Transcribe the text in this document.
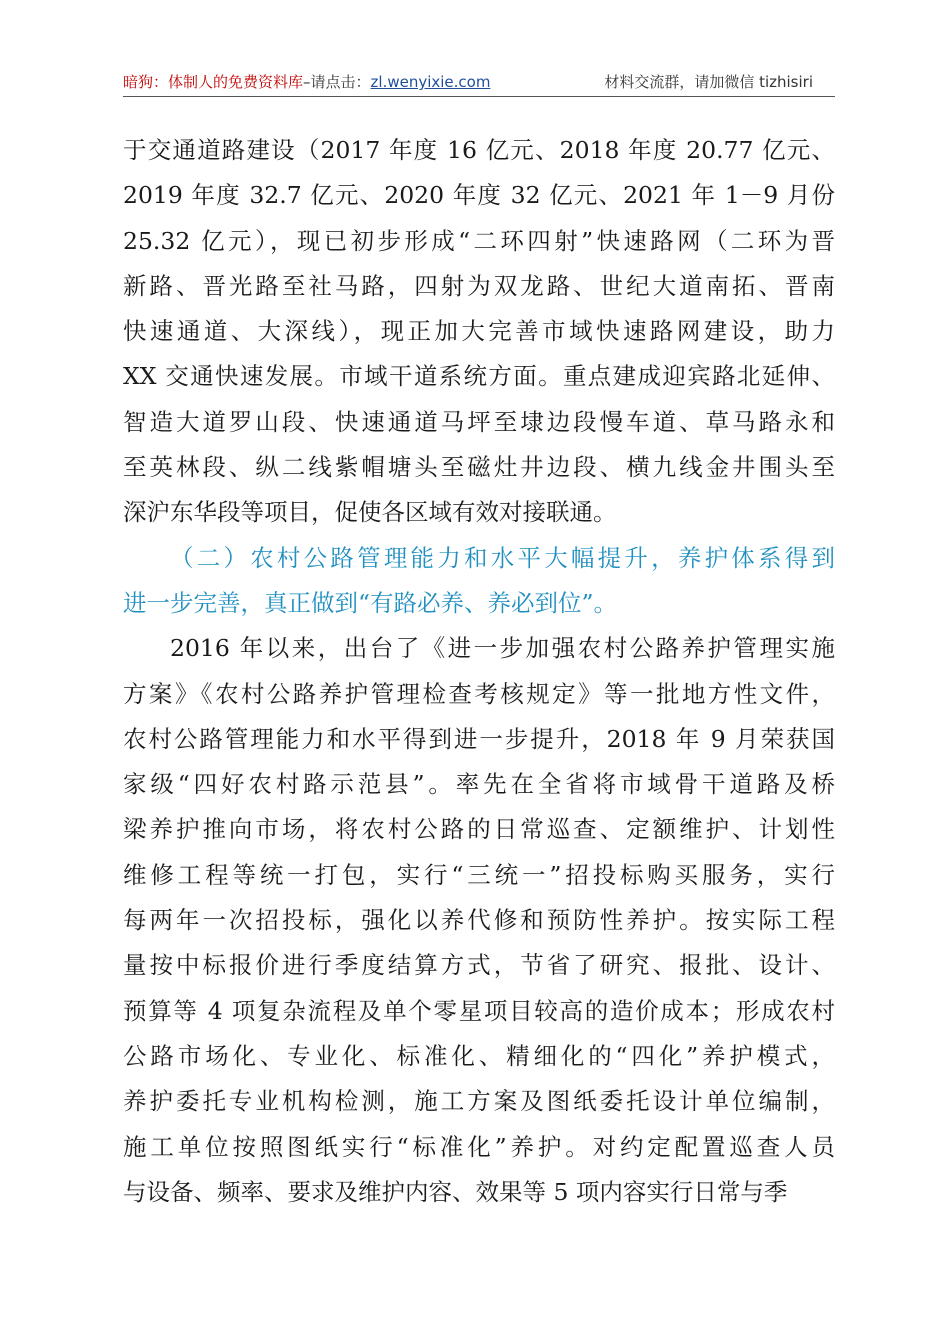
暗狗：体制人的免费资料库–请点击：zl.wenyixie.com	材料交流群，请加微信 tizhisiri
于交通道路建设（2017 年度 16 亿元、2018 年度 20.77 亿元、
2019 年度 32.7 亿元、2020 年度 32 亿元、2021 年 1－9 月份
25.32 亿元），现已初步形成“二环四射”快速路网（二环为晋
新路、晋光路至社马路，四射为双龙路、世纪大道南拓、晋南
快速通道、大深线），现正加大完善市域快速路网建设，助力
XX 交通快速发展。市域干道系统方面。重点建成迎宾路北延伸、
智造大道罗山段、快速通道马坪至埭边段慢车道、草马路永和
至英林段、纵二线紫帽塘头至磁灶井边段、横九线金井围头至
深沪东华段等项目，促使各区域有效对接联通。
（二）农村公路管理能力和水平大幅提升，养护体系得到
进一步完善，真正做到“有路必养、养必到位”。
2016 年以来，出台了《进一步加强农村公路养护管理实施
方案》《农村公路养护管理检查考核规定》等一批地方性文件，
农村公路管理能力和水平得到进一步提升，2018 年 9 月荣获国
家级“四好农村路示范县”。率先在全省将市域骨干道路及桥
梁养护推向市场，将农村公路的日常巡查、定额维护、计划性
维修工程等统一打包，实行“三统一”招投标购买服务，实行
每两年一次招投标，强化以养代修和预防性养护。按实际工程
量按中标报价进行季度结算方式，节省了研究、报批、设计、
预算等 4 项复杂流程及单个零星项目较高的造价成本；形成农村
公路市场化、专业化、标准化、精细化的“四化”养护模式，
养护委托专业机构检测，施工方案及图纸委托设计单位编制，
施工单位按照图纸实行“标准化”养护。对约定配置巡查人员
与设备、频率、要求及维护内容、效果等 5 项内容实行日常与季
